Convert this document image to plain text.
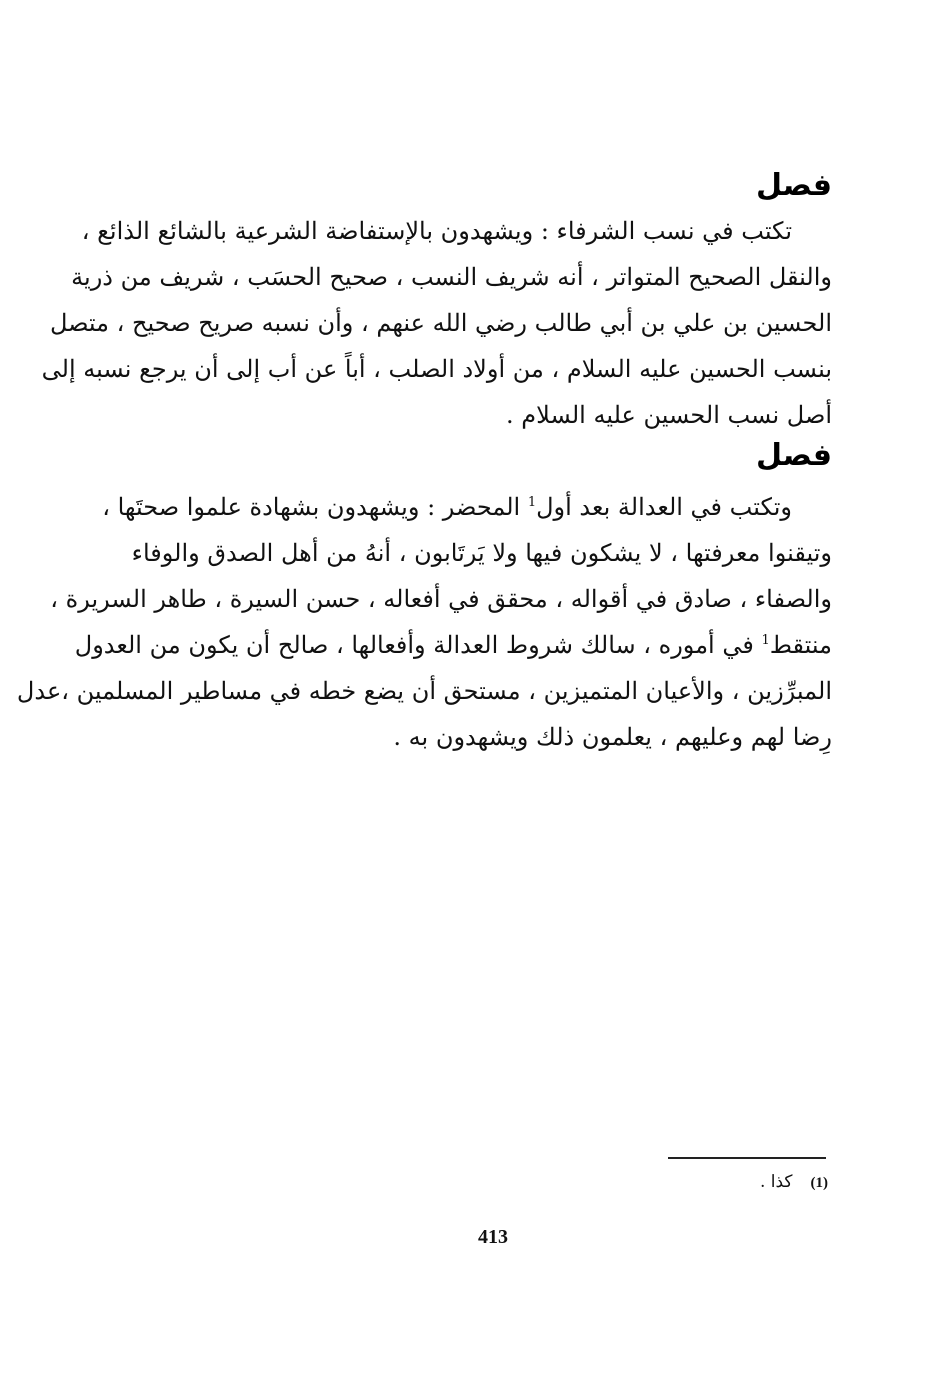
فصل
تكتب في نسب الشرفاء : ويشهدون بالإستفاضة الشرعية بالشائع الذائع ،
والنقل الصحيح المتواتر ، أنه شريف النسب ، صحيح الحسَب ، شريف من ذرية
الحسين بن علي بن أبي طالب رضي الله عنهم ، وأن نسبه صريح صحيح ، متصل
بنسب الحسين عليه السلام ، من أولاد الصلب ، أباً عن أب إلى أن يرجع نسبه إلى
أصل نسب الحسين عليه السلام .
فصل
وتكتب في العدالة بعد أول$^1$ المحضر : ويشهدون بشهادة علموا صحتَها ،
وتيقنوا معرفتها ، لا يشكون فيها ولا يَرتَابون ، أنهُ من أهل الصدق والوفاء
والصفاء ، صادق في أقواله ، محقق في أفعاله ، حسن السيرة ، طاهر السريرة ،
منتقط$^1$ في أموره ، سالك شروط العدالة وأفعالها ، صالح أن يكون من العدول
المبرِّزين ، والأعيان المتميزين ، مستحق أن يضع خطه في مساطير المسلمين ،عدل
رِضا لهم وعليهم ، يعلمون ذلك ويشهدون به .
(1)كذا .
413
